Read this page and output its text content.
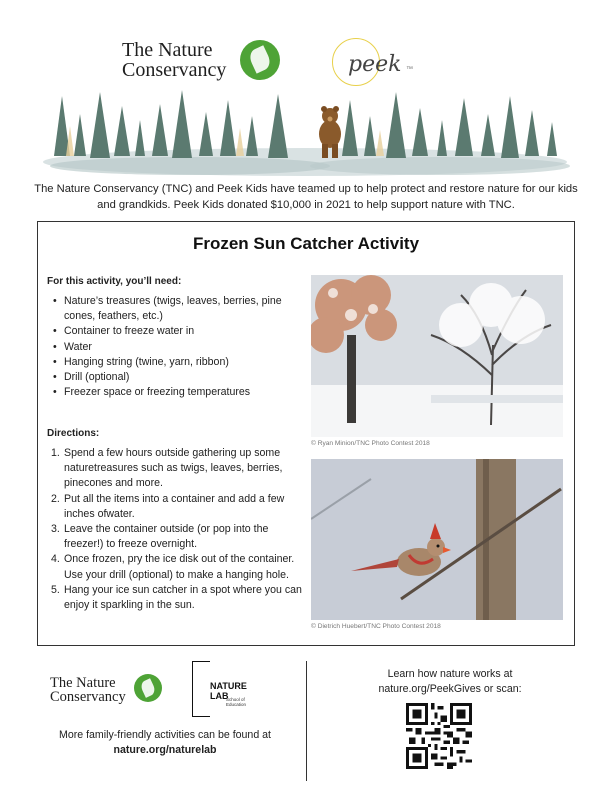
The Nature
Conservancy	peek ™
The Nature Conservancy (TNC) and Peek Kids have teamed up to help protect and restore nature for our kids and grandkids. Peek Kids donated $10,000 in 2021 to help support nature with TNC.
Frozen Sun Catcher Activity
For this activity, you’ll need:
• Nature’s treasures (twigs, leaves, berries, pine cones, feathers, etc.)
• Container to freeze water in
• Water
• Hanging string (twine, yarn, ribbon)
• Drill (optional)
• Freezer space or freezing temperatures
Directions:
Spend a few hours outside gathering up some naturetreasures such as twigs, leaves, berries, pinecones and more.
Put all the items into a container and add a few inches ofwater.
Leave the container outside (or pop into the freezer!) to freeze overnight.
Once frozen, pry the ice disk out of the container. Use your drill (optional) to make a hanging hole.
Hang your ice sun catcher in a spot where you can enjoy it sparkling in the sun.
© Ryan Minion/TNC Photo Contest 2018
© Dietrich Huebert/TNC Photo Contest 2018
The Nature
Conservancy
NATURE
LAB
School of Education
More family-friendly activities can be found at
nature.org/naturelab
Learn how nature works at
nature.org/PeekGives or scan:
